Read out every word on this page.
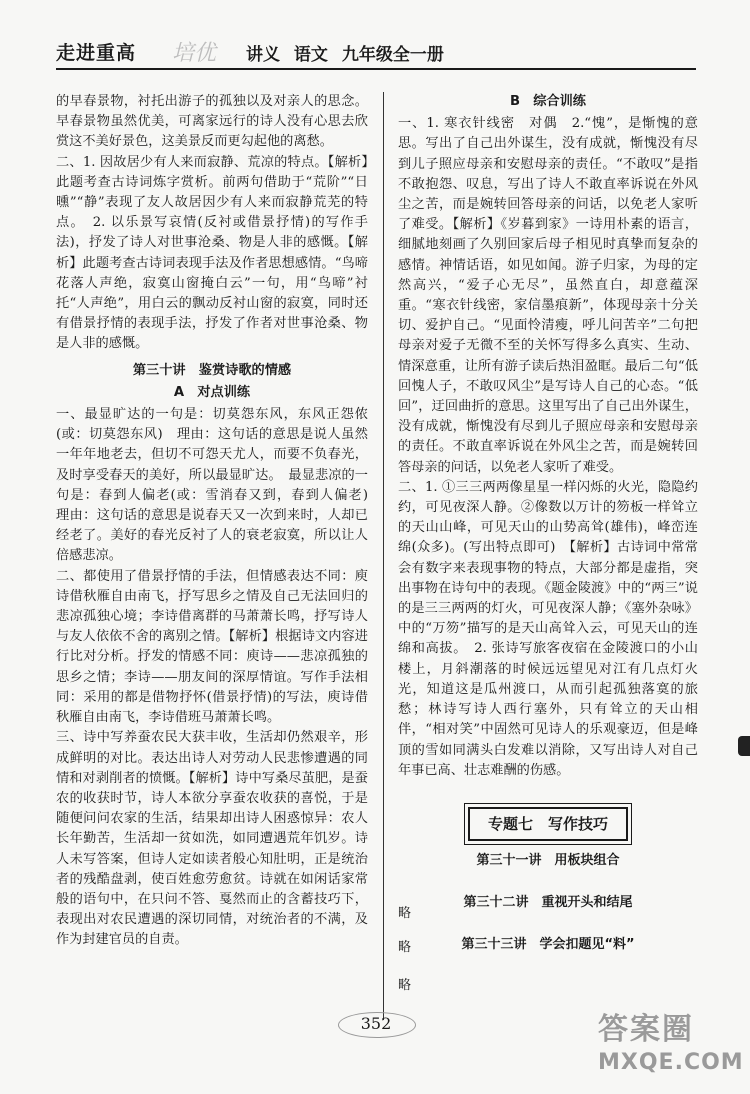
走进重高 培优 讲义 语文 九年级全一册

的早春景物，衬托出游子的孤独以及对亲人的思念。早春景物虽然优美，可离家远行的诗人没有心思去欣赏这不美好景色，这美景反而更勾起他的离愁。

二、1. 因故居少有人来而寂静、荒凉的特点。【解析】此题考查古诗词炼字赏析。前两句借助于“荒阶”“日曛”“静”表现了友人故居因少有人来而寂静荒芜的特点。　2. 以乐景写哀情(反衬或借景抒情)的写作手法)，抒发了诗人对世事沧桑、物是人非的感慨。【解析】此题考查古诗词表现手法及作者思想感情。“鸟啼花落人声绝，寂寞山窗掩白云”一句，用“鸟啼”衬托“人声绝”，用白云的飘动反衬山窗的寂寞，同时还有借景抒情的表现手法，抒发了作者对世事沧桑、物是人非的感慨。

第三十讲　鉴赏诗歌的情感
A　对点训练

一、最显旷达的一句是：切莫怨东风，东风正怨侬(或：切莫怨东风)　理由：这句话的意思是说人虽然一年年地老去，但切不可怨天尤人，而要不负春光，及时享受春天的美好，所以最显旷达。　最显悲凉的一句是：春到人偏老(或：雪消春又到，春到人偏老)　理由：这句话的意思是说春天又一次到来时，人却已经老了。美好的春光反衬了人的衰老寂寞，所以让人倍感悲凉。

二、都使用了借景抒情的手法，但情感表达不同：庾诗借秋雁自由南飞，抒写思乡之情及自己无法回归的悲凉孤独心境；李诗借离群的马萧萧长鸣，抒写诗人与友人依依不舍的离别之情。【解析】根据诗文内容进行比对分析。抒发的情感不同：庾诗——悲凉孤独的思乡之情；李诗——朋友间的深厚情谊。写作手法相同：采用的都是借物抒怀(借景抒情)的写法，庾诗借秋雁自由南飞，李诗借班马萧萧长鸣。

三、诗中写养蚕农民大获丰收，生活却仍然艰辛，形成鲜明的对比。表达出诗人对劳动人民悲惨遭遇的同情和对剥削者的愤慨。【解析】诗中写桑尽茧肥，是蚕农的收获时节，诗人本欲分享蚕农收获的喜悦，于是随便问问农家的生活，结果却出诗人困惑惊异：农人长年勤苦，生活却一贫如洗，如同遭遇荒年饥岁。诗人未写答案，但诗人定如读者般心知肚明，正是统治者的残酷盘剥，使百姓愈劳愈贫。诗就在如闲话家常般的语句中，在只问不答、戛然而止的含蓄技巧下，表现出对农民遭遇的深切同情，对统治者的不满，及作为封建官员的自责。

B　综合训练

一、1. 寒衣针线密　对偶　2.“愧”，是惭愧的意思。写出了自己出外谋生，没有成就，惭愧没有尽到儿子照应母亲和安慰母亲的责任。“不敢叹”是指不敢抱怨、叹息，写出了诗人不敢直率诉说在外风尘之苦，而是婉转回答母亲的问话，以免老人家听了难受。【解析】《岁暮到家》一诗用朴素的语言，细腻地刻画了久别回家后母子相见时真挚而复杂的感情。神情话语，如见如闻。游子归家，为母的定然高兴，“爱子心无尽”，虽然直白，却意蕴深重。“寒衣针线密，家信墨痕新”，体现母亲十分关切、爱护自己。“见面怜清瘦，呼儿问苦辛”二句把母亲对爱子无微不至的关怀写得多么真实、生动、情深意重，让所有游子读后热泪盈眶。最后二句“低回愧人子，不敢叹风尘”是写诗人自己的心态。“低回”，迂回曲折的意思。这里写出了自己出外谋生，没有成就，惭愧没有尽到儿子照应母亲和安慰母亲的责任。不敢直率诉说在外风尘之苦，而是婉转回答母亲的问话，以免老人家听了难受。

二、1. ①三三两两像星星一样闪烁的火光，隐隐约约，可见夜深人静。②像数以万计的笏板一样耸立的天山山峰，可见天山的山势高耸(雄伟)，峰峦连绵(众多)。(写出特点即可)　【解析】古诗词中常常会有数字来表现事物的特点，大部分都是虚指，突出事物在诗句中的表现。《题金陵渡》中的“两三”说的是三三两两的灯火，可见夜深人静；《塞外杂咏》中的“万笏”描写的是天山高耸入云，可见天山的连绵和高拔。　2. 张诗写旅客夜宿在金陵渡口的小山楼上，月斜潮落的时候远远望见对江有几点灯火光，知道这是瓜州渡口，从而引起孤独落寞的旅愁；林诗写诗人西行塞外，只有耸立的天山相伴，“相对笑”中固然可见诗人的乐观豪迈，但是峰顶的雪如同满头白发难以消除，又写出诗人对自己年事已高、壮志难酬的伤感。

专题七　写作技巧
第三十一讲　用板块组合
第三十二讲　重视开头和结尾
第三十三讲　学会扣题见“料”
略
略
略
352	答案圈
MXQE.COM
